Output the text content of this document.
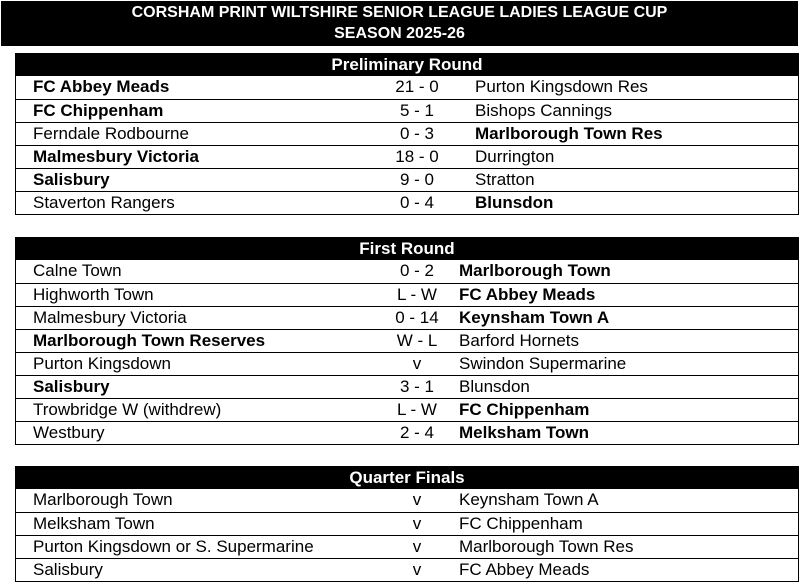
CORSHAM PRINT WILTSHIRE SENIOR LEAGUE LADIES LEAGUE CUP
SEASON 2025-26
Preliminary Round
FC Abbey Meads	21 - 0	Purton Kingsdown Res
FC Chippenham	5 - 1	Bishops Cannings
Ferndale Rodbourne	0 - 3	Marlborough Town Res
Malmesbury Victoria	18 - 0	Durrington
Salisbury	9 - 0	Stratton
Staverton Rangers	0 - 4	Blunsdon
First Round
Calne Town	0 - 2	Marlborough Town
Highworth Town	L - W	FC Abbey Meads
Malmesbury Victoria	0 - 14	Keynsham Town A
Marlborough Town Reserves	W - L	Barford Hornets
Purton Kingsdown	v	Swindon Supermarine
Salisbury	3 - 1	Blunsdon
Trowbridge W (withdrew)	L - W	FC Chippenham
Westbury	2 - 4	Melksham Town
Quarter Finals
Marlborough Town	v	Keynsham Town A
Melksham Town	v	FC Chippenham
Purton Kingsdown or S. Supermarine	v	Marlborough Town Res
Salisbury	v	FC Abbey Meads
